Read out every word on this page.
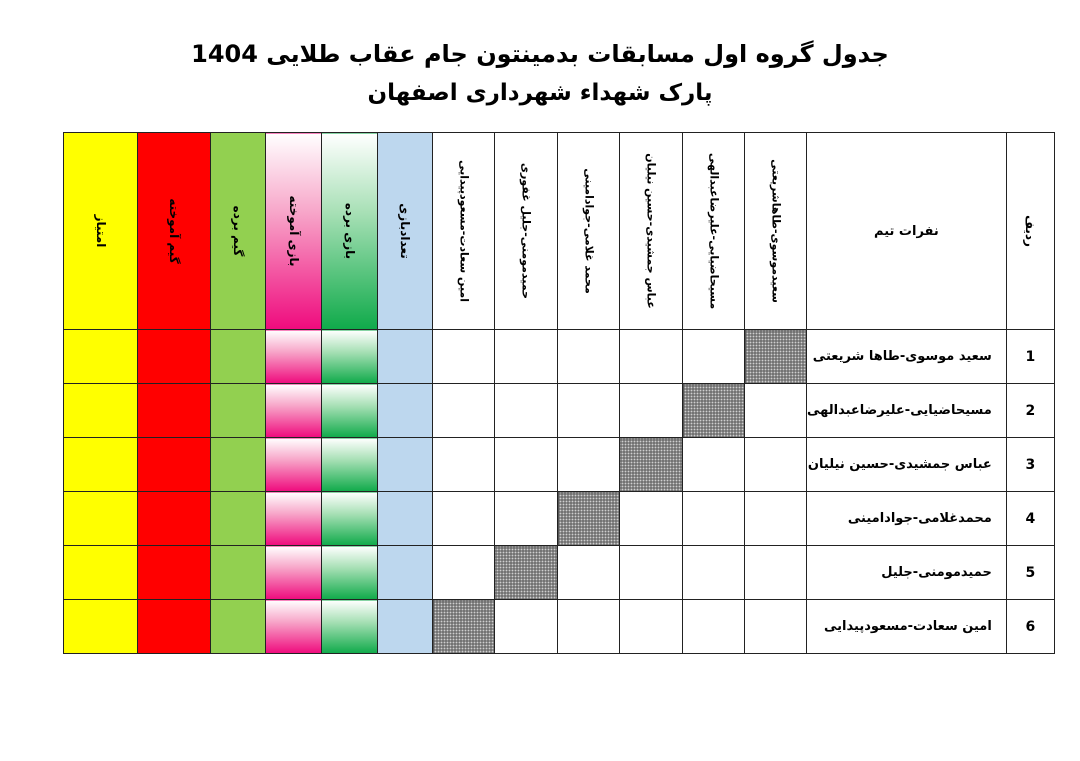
جدول گروه اول مسابقات بدمینتون جام عقاب طلایی 1404
پارک شهداء شهرداری اصفهان
امتیاز	گیم آموخته	گیم برده	بازی آموخته	بازی برده	تعدادبازی	امین سعادت-مسعودپیدایی	حمیدمومنی-جلیل غفوری	محمد غلامی-جوادامینی	عباس جمشیدی-حسین نیلیان	مسیحاضیایی-علیرضاعبدالهی	سعیدموسوی-طاهاشریعتی	نفرات تیم	ردیف

												سعید موسوی-طاها شریعتی	1
												مسیحاضیایی-علیرضاعبدالهی	2
												عباس جمشیدی-حسین نیلیان	3
												محمدغلامی-جوادامینی	4
												حمیدمومنی-جلیل	5
												امین سعادت-مسعودپیدایی	6
